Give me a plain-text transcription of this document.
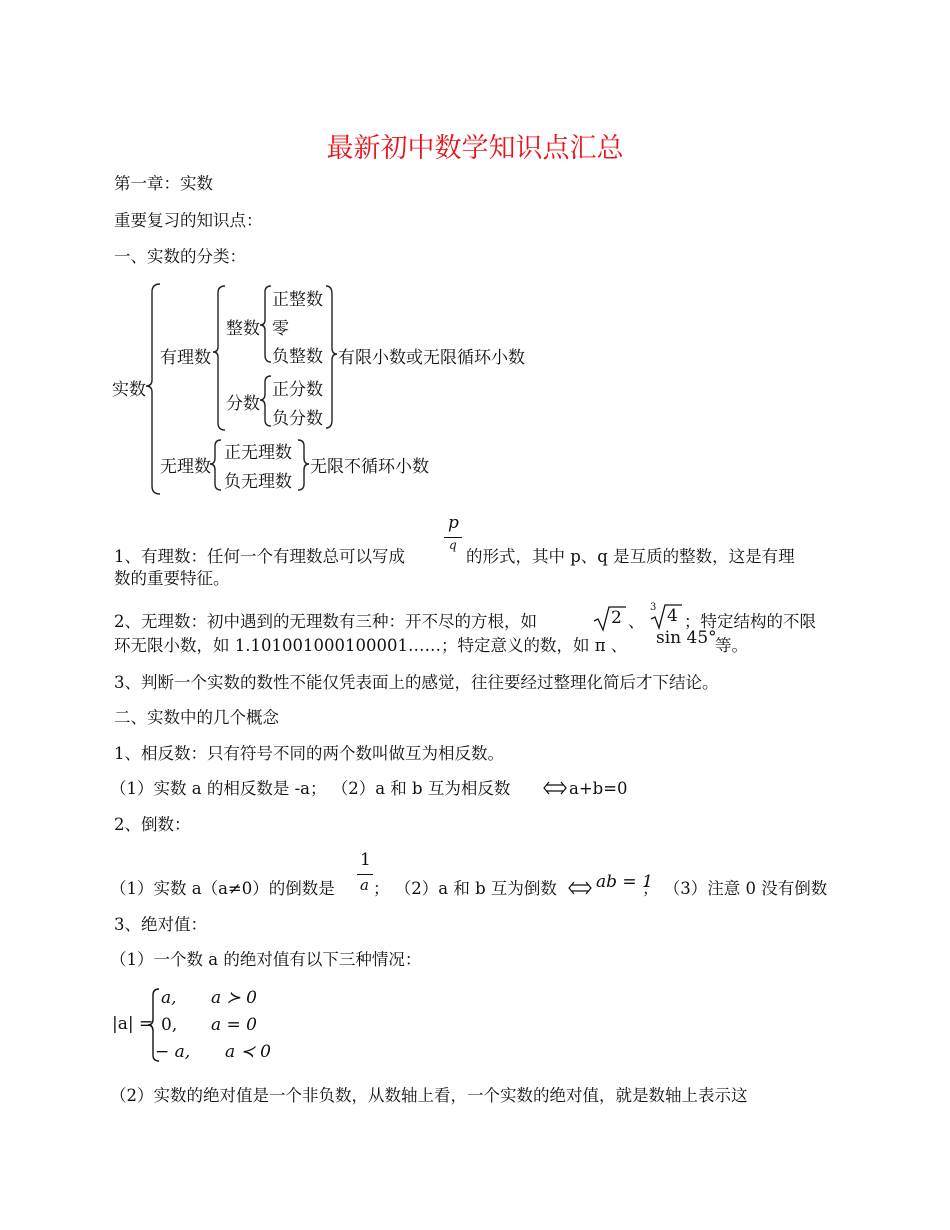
最新初中数学知识点汇总
第一章：实数
重要复习的知识点：
一、实数的分类：
实数
有理数
整数
正整数
零
负整数 有限小数或无限循环小数
分数
正分数
负分数
无理数
正无理数
负无理数
无限不循环小数
p
q
1、有理数：任何一个有理数总可以写成	的形式，其中 p、q 是互质的整数，这是有理
数的重要特征。
2、无理数：初中遇到的无理数有三种：开不尽的方根，如	2 、
3 4 ；特定结构的不限
环无限小数，如 1.101001000100001……；特定意义的数，如 π 、 sin 45°
等。
3、判断一个实数的数性不能仅凭表面上的感觉，往往要经过整理化简后才下结论。
二、实数中的几个概念
1、相反数：只有符号不同的两个数叫做互为相反数。
（1）实数 a 的相反数是 -a； （2）a 和 b 互为相反数	a+b=0
2、倒数：
（1）实数 a（a≠0）的倒数是
1
a ； （2）a 和 b 互为倒数 ab = 1
； （3）注意 0 没有倒数
3、绝对值：
（1）一个数 a 的绝对值有以下三种情况：
|a| =
a, a ≻ 0
0, a = 0
− a, a ≺ 0
（2）实数的绝对值是一个非负数，从数轴上看，一个实数的绝对值，就是数轴上表示这
